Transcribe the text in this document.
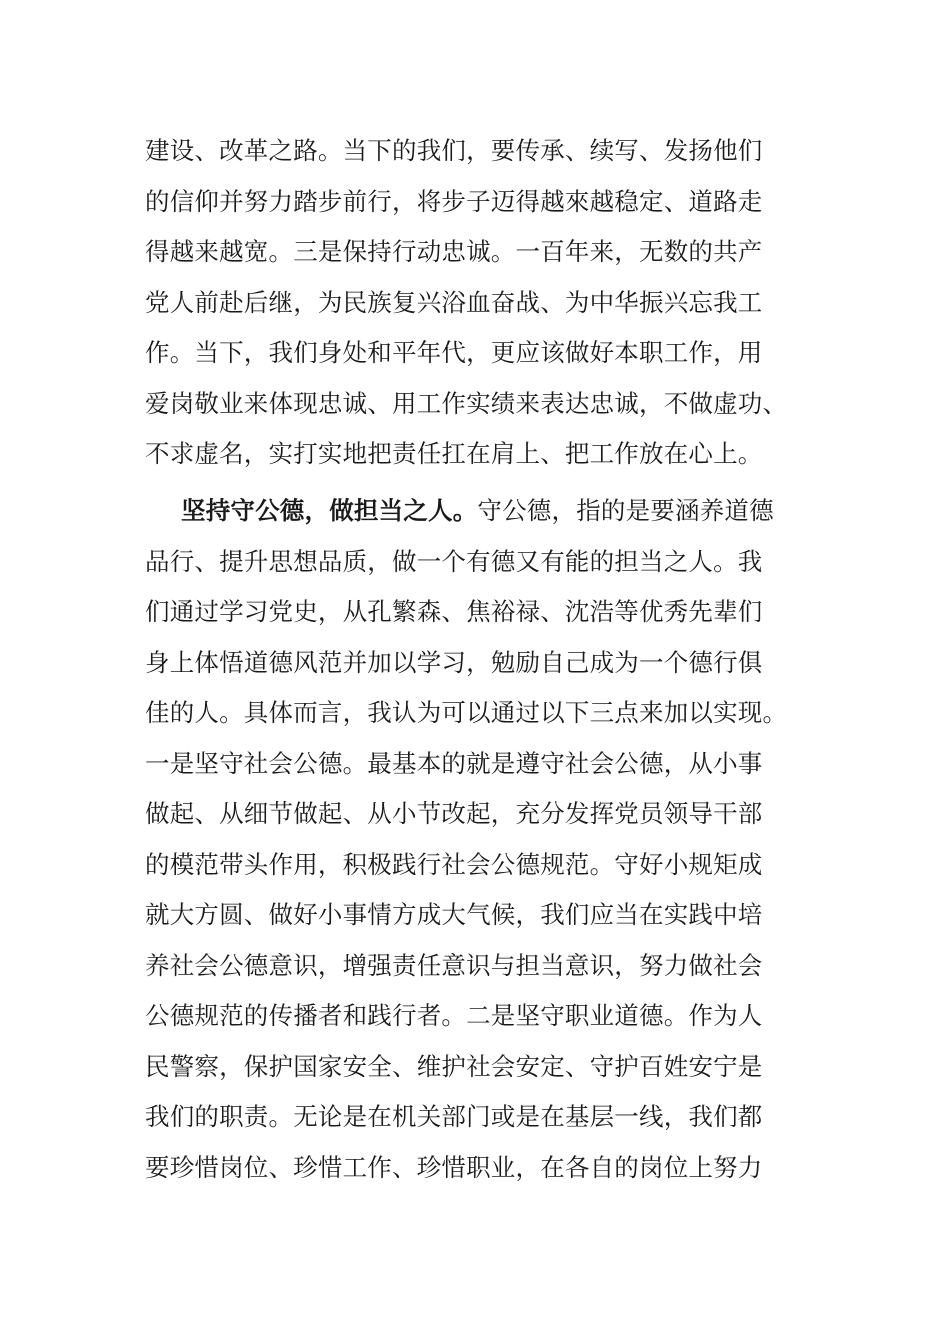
建设、改革之路。当下的我们，要传承、续写、发扬他们
的信仰并努力踏步前行，将步子迈得越來越稳定、道路走
得越来越宽。三是保持行动忠诚。一百年来，无数的共产
党人前赴后继，为民族复兴浴血奋战、为中华振兴忘我工
作。当下，我们身处和平年代，更应该做好本职工作，用
爱岗敬业来体现忠诚、用工作实绩来表达忠诚，不做虚功、
不求虚名，实打实地把责任扛在肩上、把工作放在心上。
坚持守公德，做担当之人。守公德，指的是要涵养道德
品行、提升思想品质，做一个有德又有能的担当之人。我
们通过学习党史，从孔繁森、焦裕禄、沈浩等优秀先辈们
身上体悟道德风范并加以学习，勉励自己成为一个德行俱
佳的人。具体而言，我认为可以通过以下三点来加以实现。
一是坚守社会公德。最基本的就是遵守社会公德，从小事
做起、从细节做起、从小节改起，充分发挥党员领导干部
的模范带头作用，积极践行社会公德规范。守好小规矩成
就大方圆、做好小事情方成大气候，我们应当在实践中培
养社会公德意识，增强责任意识与担当意识，努力做社会
公德规范的传播者和践行者。二是坚守职业道德。作为人
民警察，保护国家安全、维护社会安定、守护百姓安宁是
我们的职责。无论是在机关部门或是在基层一线，我们都
要珍惜岗位、珍惜工作、珍惜职业，在各自的岗位上努力
